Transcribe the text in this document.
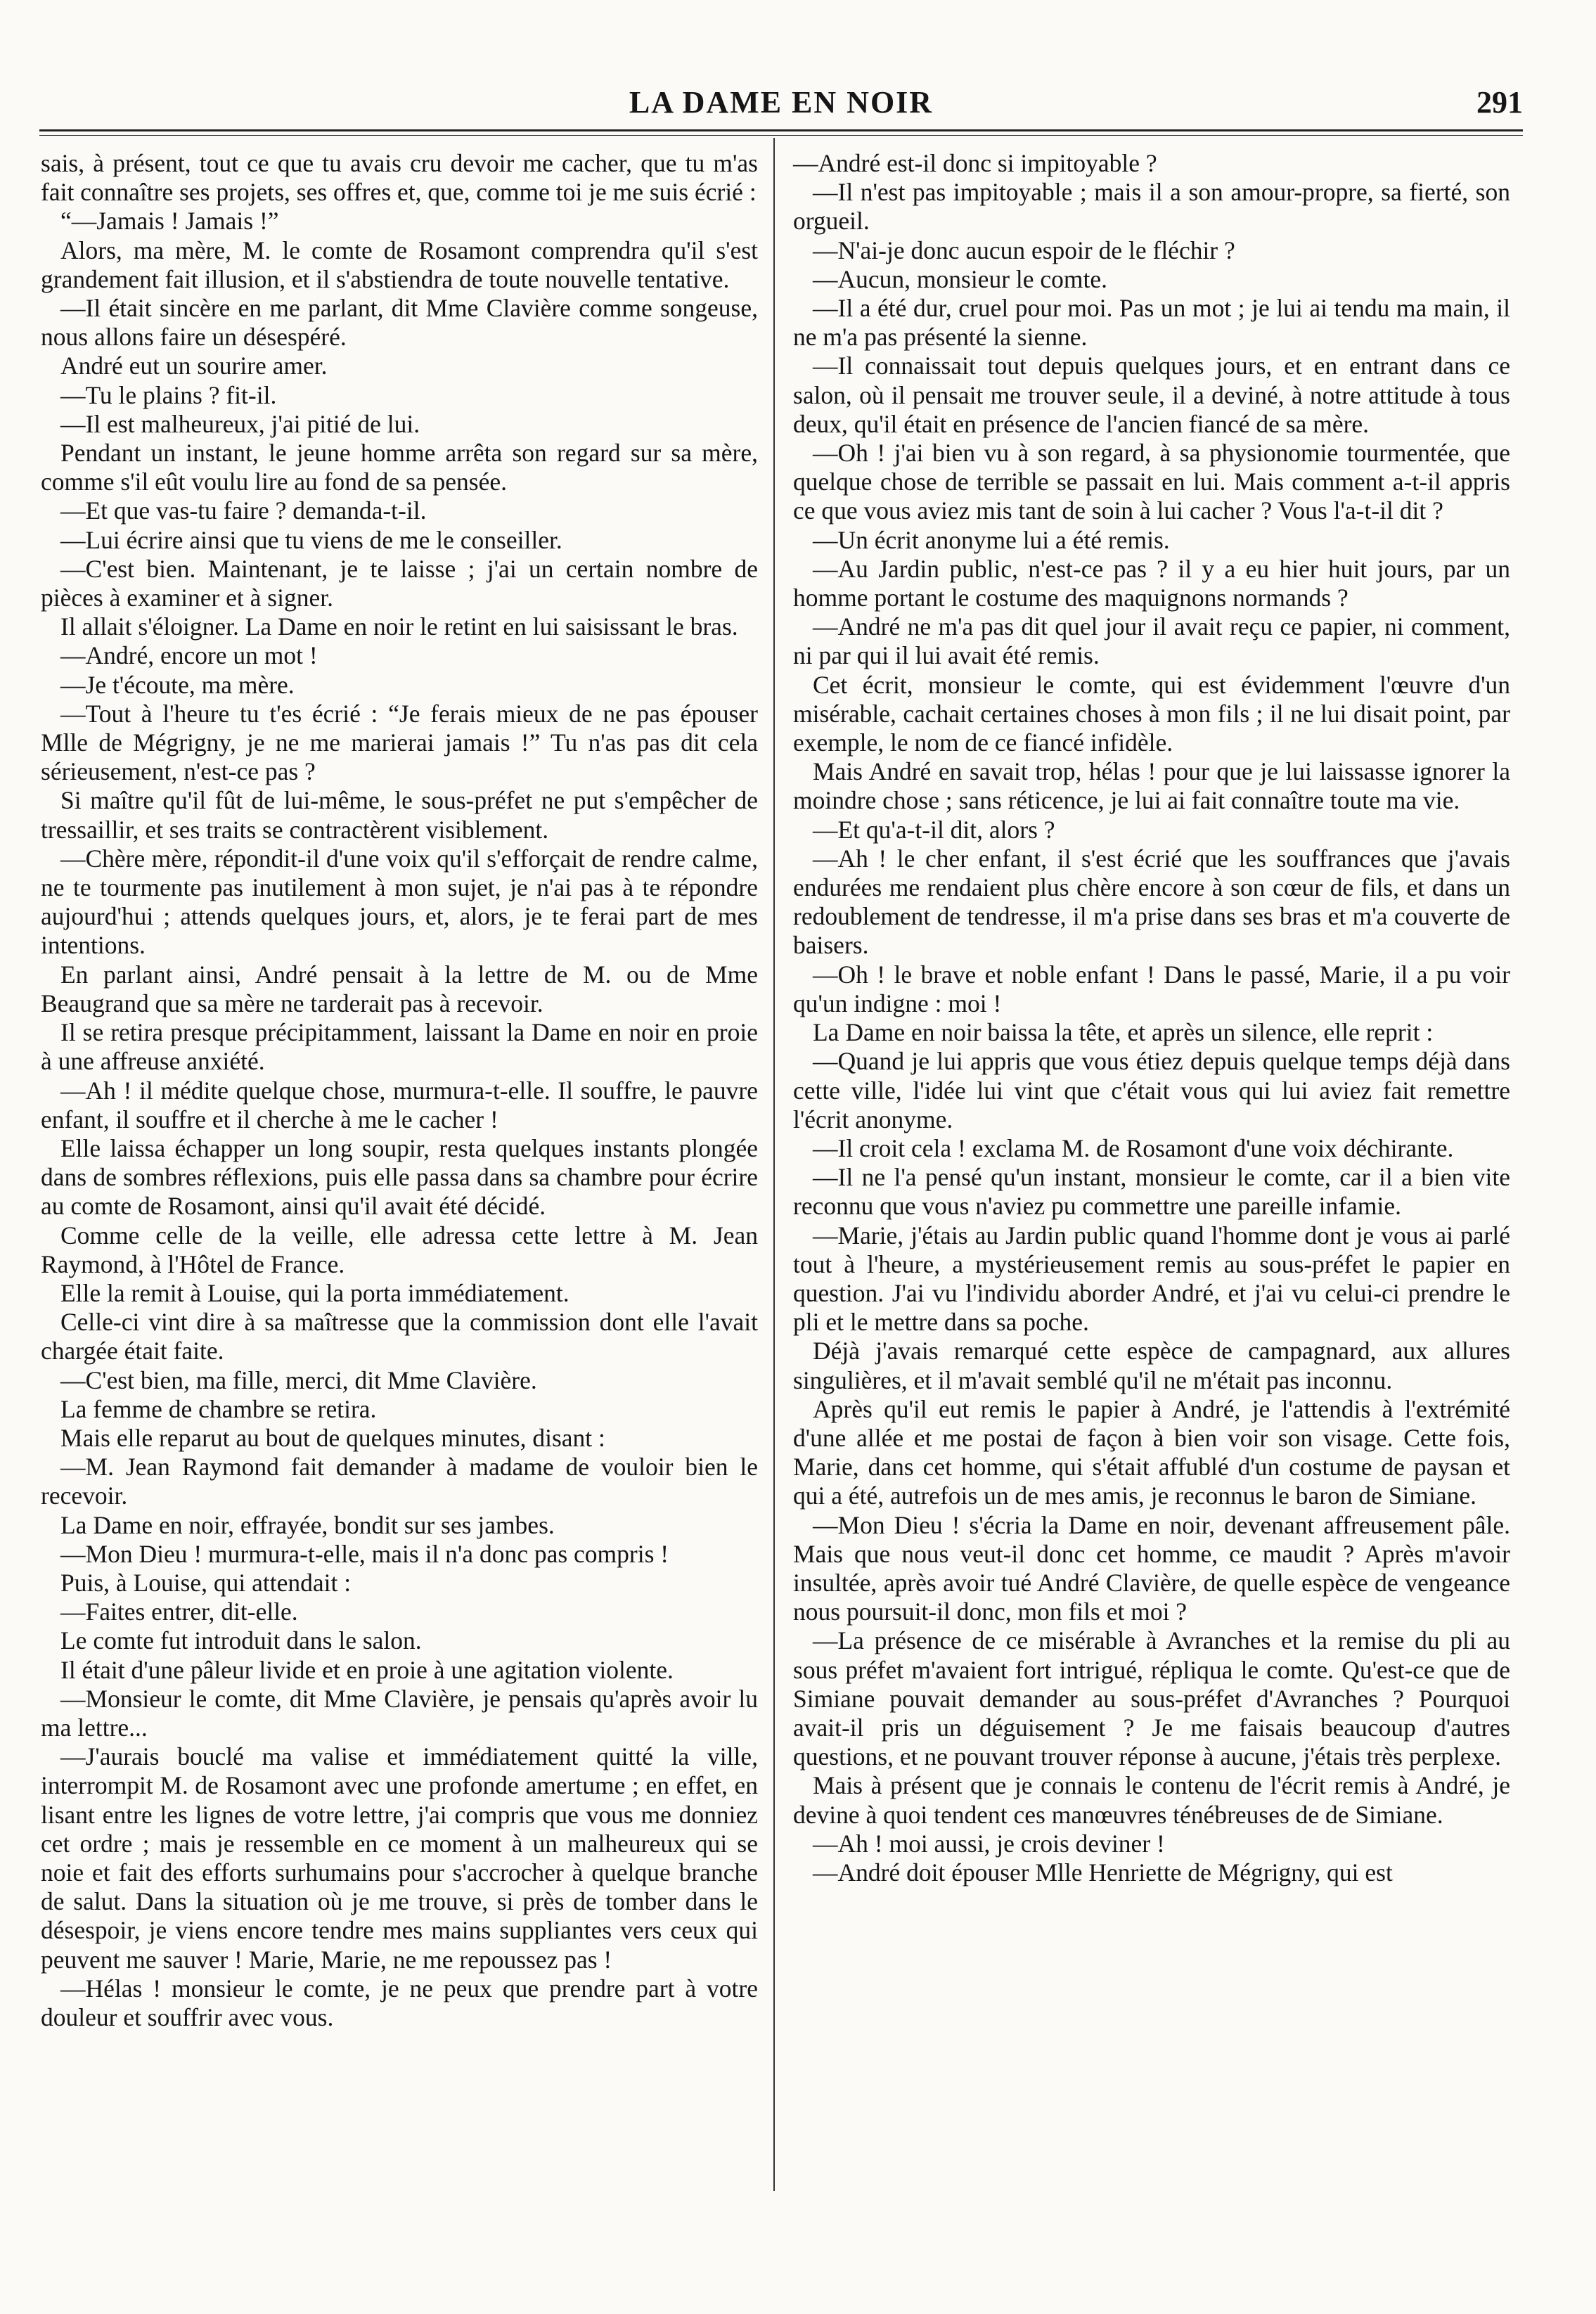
LA DAME EN NOIR	291

sais, à présent, tout ce que tu avais cru devoir me cacher, que tu m'as fait connaître ses projets, ses offres et, que, comme toi je me suis écrié :

“—Jamais ! Jamais !”

Alors, ma mère, M. le comte de Rosamont comprendra qu'il s'est grandement fait illusion, et il s'abstiendra de toute nouvelle tentative.

—Il était sincère en me parlant, dit Mme Clavière comme songeuse, nous allons faire un désespéré.

André eut un sourire amer.

—Tu le plains ? fit-il.

—Il est malheureux, j'ai pitié de lui.

Pendant un instant, le jeune homme arrêta son regard sur sa mère, comme s'il eût voulu lire au fond de sa pensée.

—Et que vas-tu faire ? demanda-t-il.

—Lui écrire ainsi que tu viens de me le conseiller.

—C'est bien. Maintenant, je te laisse ; j'ai un certain nombre de pièces à examiner et à signer.

Il allait s'éloigner. La Dame en noir le retint en lui saisissant le bras.

—André, encore un mot !

—Je t'écoute, ma mère.

—Tout à l'heure tu t'es écrié : “Je ferais mieux de ne pas épouser Mlle de Mégrigny, je ne me marierai jamais !” Tu n'as pas dit cela sérieusement, n'est-ce pas ?

Si maître qu'il fût de lui-même, le sous-préfet ne put s'empêcher de tressaillir, et ses traits se contractèrent visiblement.

—Chère mère, répondit-il d'une voix qu'il s'efforçait de rendre calme, ne te tourmente pas inutilement à mon sujet, je n'ai pas à te répondre aujourd'hui ; attends quelques jours, et, alors, je te ferai part de mes intentions.

En parlant ainsi, André pensait à la lettre de M. ou de Mme Beaugrand que sa mère ne tarderait pas à recevoir.

Il se retira presque précipitamment, laissant la Dame en noir en proie à une affreuse anxiété.

—Ah ! il médite quelque chose, murmura-t-elle. Il souffre, le pauvre enfant, il souffre et il cherche à me le cacher !

Elle laissa échapper un long soupir, resta quelques instants plongée dans de sombres réflexions, puis elle passa dans sa chambre pour écrire au comte de Rosamont, ainsi qu'il avait été décidé.

Comme celle de la veille, elle adressa cette lettre à M. Jean Raymond, à l'Hôtel de France.

Elle la remit à Louise, qui la porta immédiatement.

Celle-ci vint dire à sa maîtresse que la commission dont elle l'avait chargée était faite.

—C'est bien, ma fille, merci, dit Mme Clavière.

La femme de chambre se retira.

Mais elle reparut au bout de quelques minutes, disant :

—M. Jean Raymond fait demander à madame de vouloir bien le recevoir.

La Dame en noir, effrayée, bondit sur ses jambes.

—Mon Dieu ! murmura-t-elle, mais il n'a donc pas compris !

Puis, à Louise, qui attendait :

—Faites entrer, dit-elle.

Le comte fut introduit dans le salon.

Il était d'une pâleur livide et en proie à une agitation violente.

—Monsieur le comte, dit Mme Clavière, je pensais qu'après avoir lu ma lettre...

—J'aurais bouclé ma valise et immédiatement quitté la ville, interrompit M. de Rosamont avec une profonde amertume ; en effet, en lisant entre les lignes de votre lettre, j'ai compris que vous me donniez cet ordre ; mais je ressemble en ce moment à un malheureux qui se noie et fait des efforts surhumains pour s'accrocher à quelque branche de salut. Dans la situation où je me trouve, si près de tomber dans le désespoir, je viens encore tendre mes mains suppliantes vers ceux qui peuvent me sauver ! Marie, Marie, ne me repoussez pas !

—Hélas ! monsieur le comte, je ne peux que prendre part à votre douleur et souffrir avec vous.

—André est-il donc si impitoyable ?

—Il n'est pas impitoyable ; mais il a son amour-propre, sa fierté, son orgueil.

—N'ai-je donc aucun espoir de le fléchir ?

—Aucun, monsieur le comte.

—Il a été dur, cruel pour moi. Pas un mot ; je lui ai tendu ma main, il ne m'a pas présenté la sienne.

—Il connaissait tout depuis quelques jours, et en entrant dans ce salon, où il pensait me trouver seule, il a deviné, à notre attitude à tous deux, qu'il était en présence de l'ancien fiancé de sa mère.

—Oh ! j'ai bien vu à son regard, à sa physionomie tourmentée, que quelque chose de terrible se passait en lui. Mais comment a-t-il appris ce que vous aviez mis tant de soin à lui cacher ? Vous l'a-t-il dit ?

—Un écrit anonyme lui a été remis.

—Au Jardin public, n'est-ce pas ? il y a eu hier huit jours, par un homme portant le costume des maquignons normands ?

—André ne m'a pas dit quel jour il avait reçu ce papier, ni comment, ni par qui il lui avait été remis.

Cet écrit, monsieur le comte, qui est évidemment l'œuvre d'un misérable, cachait certaines choses à mon fils ; il ne lui disait point, par exemple, le nom de ce fiancé infidèle.

Mais André en savait trop, hélas ! pour que je lui laissasse ignorer la moindre chose ; sans réticence, je lui ai fait connaître toute ma vie.

—Et qu'a-t-il dit, alors ?

—Ah ! le cher enfant, il s'est écrié que les souffrances que j'avais endurées me rendaient plus chère encore à son cœur de fils, et dans un redoublement de tendresse, il m'a prise dans ses bras et m'a couverte de baisers.

—Oh ! le brave et noble enfant ! Dans le passé, Marie, il a pu voir qu'un indigne : moi !

La Dame en noir baissa la tête, et après un silence, elle reprit :

—Quand je lui appris que vous étiez depuis quelque temps déjà dans cette ville, l'idée lui vint que c'était vous qui lui aviez fait remettre l'écrit anonyme.

—Il croit cela ! exclama M. de Rosamont d'une voix déchirante.

—Il ne l'a pensé qu'un instant, monsieur le comte, car il a bien vite reconnu que vous n'aviez pu commettre une pareille infamie.

—Marie, j'étais au Jardin public quand l'homme dont je vous ai parlé tout à l'heure, a mystérieusement remis au sous-préfet le papier en question. J'ai vu l'individu aborder André, et j'ai vu celui-ci prendre le pli et le mettre dans sa poche.

Déjà j'avais remarqué cette espèce de campagnard, aux allures singulières, et il m'avait semblé qu'il ne m'était pas inconnu.

Après qu'il eut remis le papier à André, je l'attendis à l'extrémité d'une allée et me postai de façon à bien voir son visage. Cette fois, Marie, dans cet homme, qui s'était affublé d'un costume de paysan et qui a été, autrefois un de mes amis, je reconnus le baron de Simiane.

—Mon Dieu ! s'écria la Dame en noir, devenant affreusement pâle. Mais que nous veut-il donc cet homme, ce maudit ? Après m'avoir insultée, après avoir tué André Clavière, de quelle espèce de vengeance nous poursuit-il donc, mon fils et moi ?

—La présence de ce misérable à Avranches et la remise du pli au sous préfet m'avaient fort intrigué, répliqua le comte. Qu'est-ce que de Simiane pouvait demander au sous-préfet d'Avranches ? Pourquoi avait-il pris un déguisement ? Je me faisais beaucoup d'autres questions, et ne pouvant trouver réponse à aucune, j'étais très perplexe.

Mais à présent que je connais le contenu de l'écrit remis à André, je devine à quoi tendent ces manœuvres ténébreuses de de Simiane.

—Ah ! moi aussi, je crois deviner !

—André doit épouser Mlle Henriette de Mégrigny, qui est
